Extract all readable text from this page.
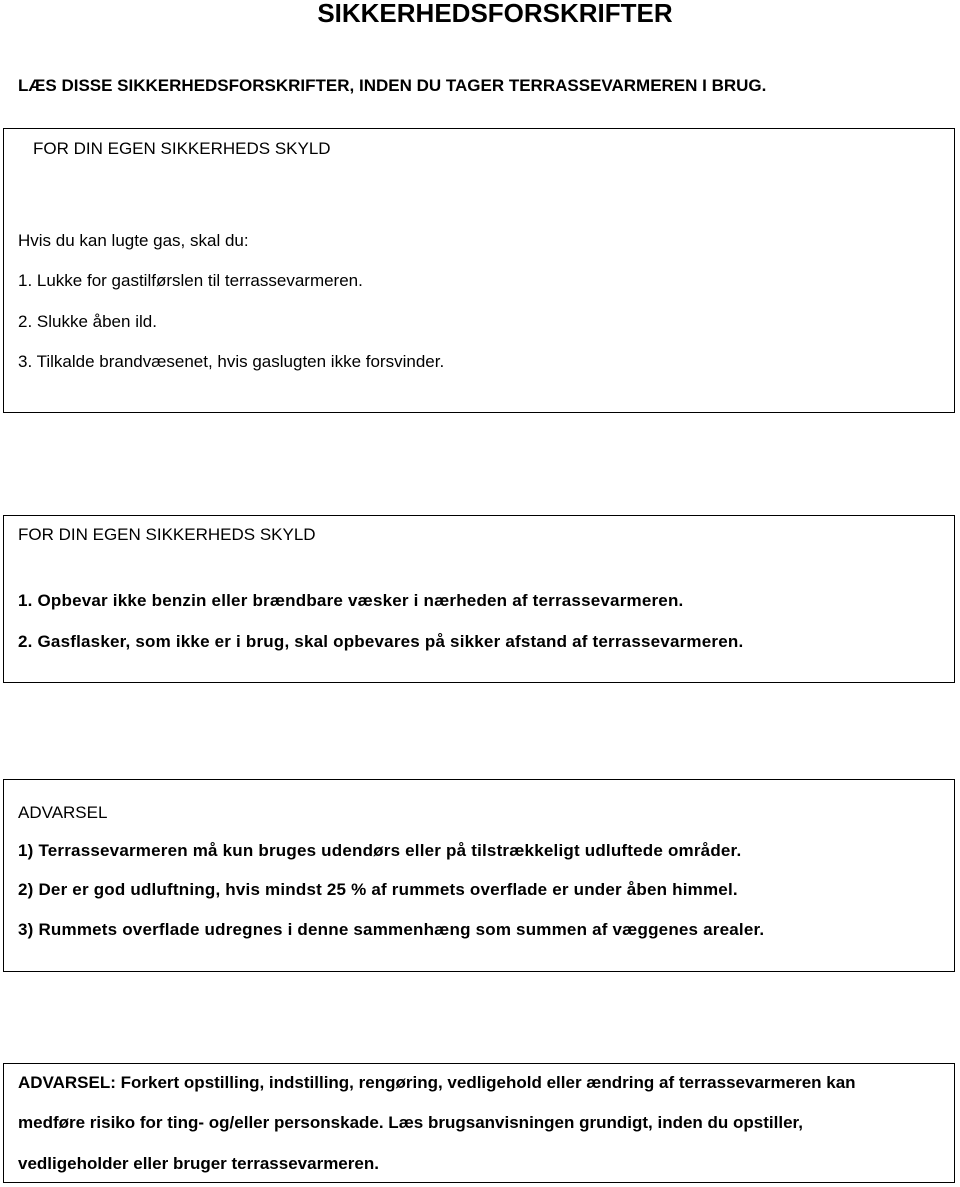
SIKKERHEDSFORSKRIFTER
LÆS DISSE SIKKERHEDSFORSKRIFTER, INDEN DU TAGER TERRASSEVARMEREN I BRUG.
FOR DIN EGEN SIKKERHEDS SKYLD
Hvis du kan lugte gas, skal du:
1. Lukke for gastilførslen til terrassevarmeren.
2. Slukke åben ild.
3. Tilkalde brandvæsenet, hvis gaslugten ikke forsvinder.
FOR DIN EGEN SIKKERHEDS SKYLD
1. Opbevar ikke benzin eller brændbare væsker i nærheden af terrassevarmeren.
2. Gasflasker, som ikke er i brug, skal opbevares på sikker afstand af terrassevarmeren.
ADVARSEL
1) Terrassevarmeren må kun bruges udendørs eller på tilstrækkeligt udluftede områder.
2) Der er god udluftning, hvis mindst 25 % af rummets overflade er under åben himmel.
3) Rummets overflade udregnes i denne sammenhæng som summen af væggenes arealer.
ADVARSEL: Forkert opstilling, indstilling, rengøring, vedligehold eller ændring af terrassevarmeren kan
medføre risiko for ting- og/eller personskade. Læs brugsanvisningen grundigt, inden du opstiller,
vedligeholder eller bruger terrassevarmeren.
